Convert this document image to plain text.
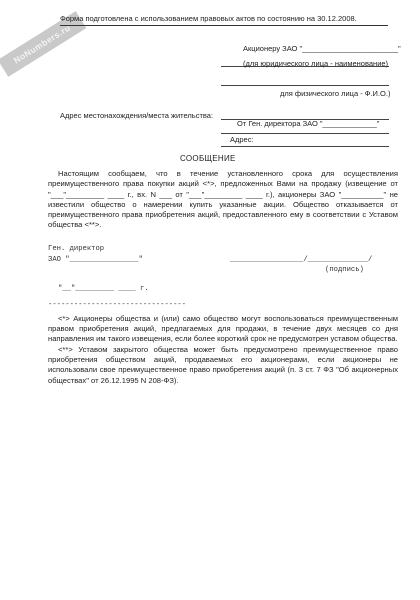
NoNumbers.ru
Форма подготовлена с использованием правовых актов по состоянию на 30.12.2008.
Акционеру ЗАО "_______________________"
(для юридического лица - наименование)
для физического лица - Ф.И.О.)
Адрес местонахождения/места жительства:
От Ген. директора ЗАО "_____________"
Адрес:
СООБЩЕНИЕ
Настоящим сообщаем, что в течение установленного срока для осуществления преимущественного права покупки акций <*>, предложенных Вами на продажу (извещение от "___"_________ ____ г., вх. N ___ от "___"_________ ____ г.), акционеры ЗАО "__________" не известили общество о намерении купить указанные акции. Общество отказывается от преимущественного права приобретения акций, предоставленного ему в соответствии с Уставом общества <**>.
Ген. директор
ЗАО "________________"	_________________/______________/
(подпись)
"__"_________ ____ г.
--------------------------------
<*> Акционеры общества и (или) само общество могут воспользоваться преимущественным правом приобретения акций, предлагаемых для продажи, в течение двух месяцев со дня направления им такого извещения, если более короткий срок не предусмотрен уставом общества.
<**> Уставом закрытого общества может быть предусмотрено преимущественное право приобретения обществом акций, продаваемых его акционерами, если акционеры не использовали свое преимущественное право приобретения акций (п. 3 ст. 7 ФЗ "Об акционерных обществах" от 26.12.1995 N 208-ФЗ).
